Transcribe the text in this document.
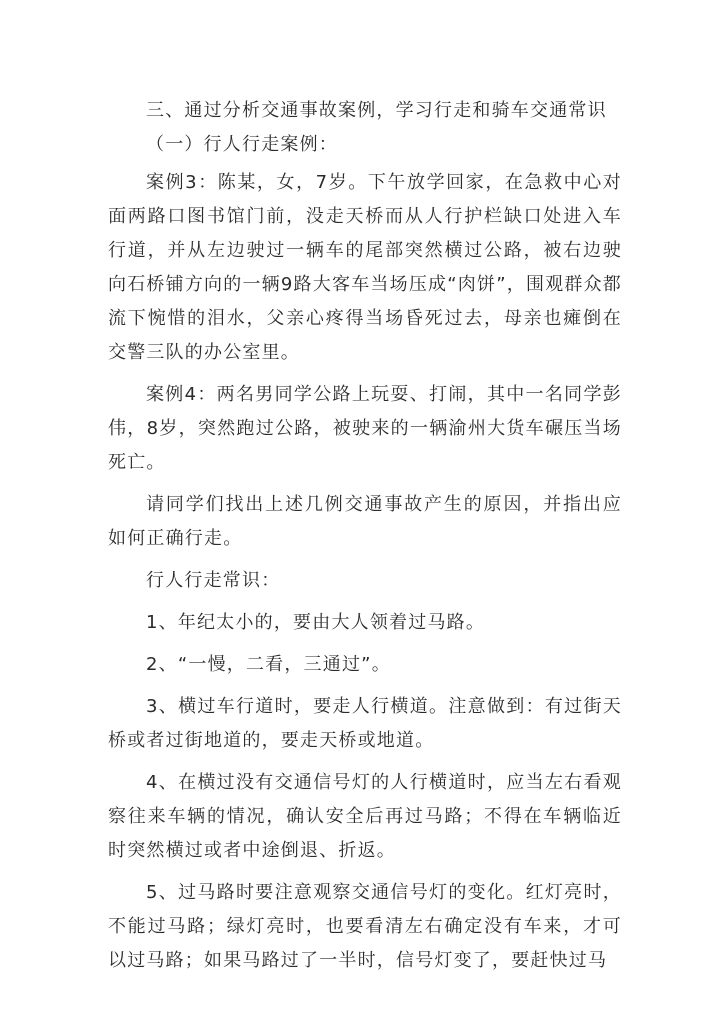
三、通过分析交通事故案例，学习行走和骑车交通常识

（一）行人行走案例：

案例3：陈某，女，7岁。下午放学回家，在急救中心对面两路口图书馆门前，没走天桥而从人行护栏缺口处进入车行道，并从左边驶过一辆车的尾部突然横过公路，被右边驶向石桥铺方向的一辆9路大客车当场压成“肉饼”，围观群众都流下惋惜的泪水，父亲心疼得当场昏死过去，母亲也瘫倒在交警三队的办公室里。

案例4：两名男同学公路上玩耍、打闹，其中一名同学彭伟，8岁，突然跑过公路，被驶来的一辆渝州大货车碾压当场死亡。

请同学们找出上述几例交通事故产生的原因，并指出应如何正确行走。

行人行走常识：

1、年纪太小的，要由大人领着过马路。

2、“一慢，二看，三通过”。

3、横过车行道时，要走人行横道。注意做到：有过街天桥或者过街地道的，要走天桥或地道。

4、在横过没有交通信号灯的人行横道时，应当左右看观察往来车辆的情况，确认安全后再过马路；不得在车辆临近时突然横过或者中途倒退、折返。

5、过马路时要注意观察交通信号灯的变化。红灯亮时，不能过马路；绿灯亮时，也要看清左右确定没有车来，才可以过马路；如果马路过了一半时，信号灯变了，要赶快过马
